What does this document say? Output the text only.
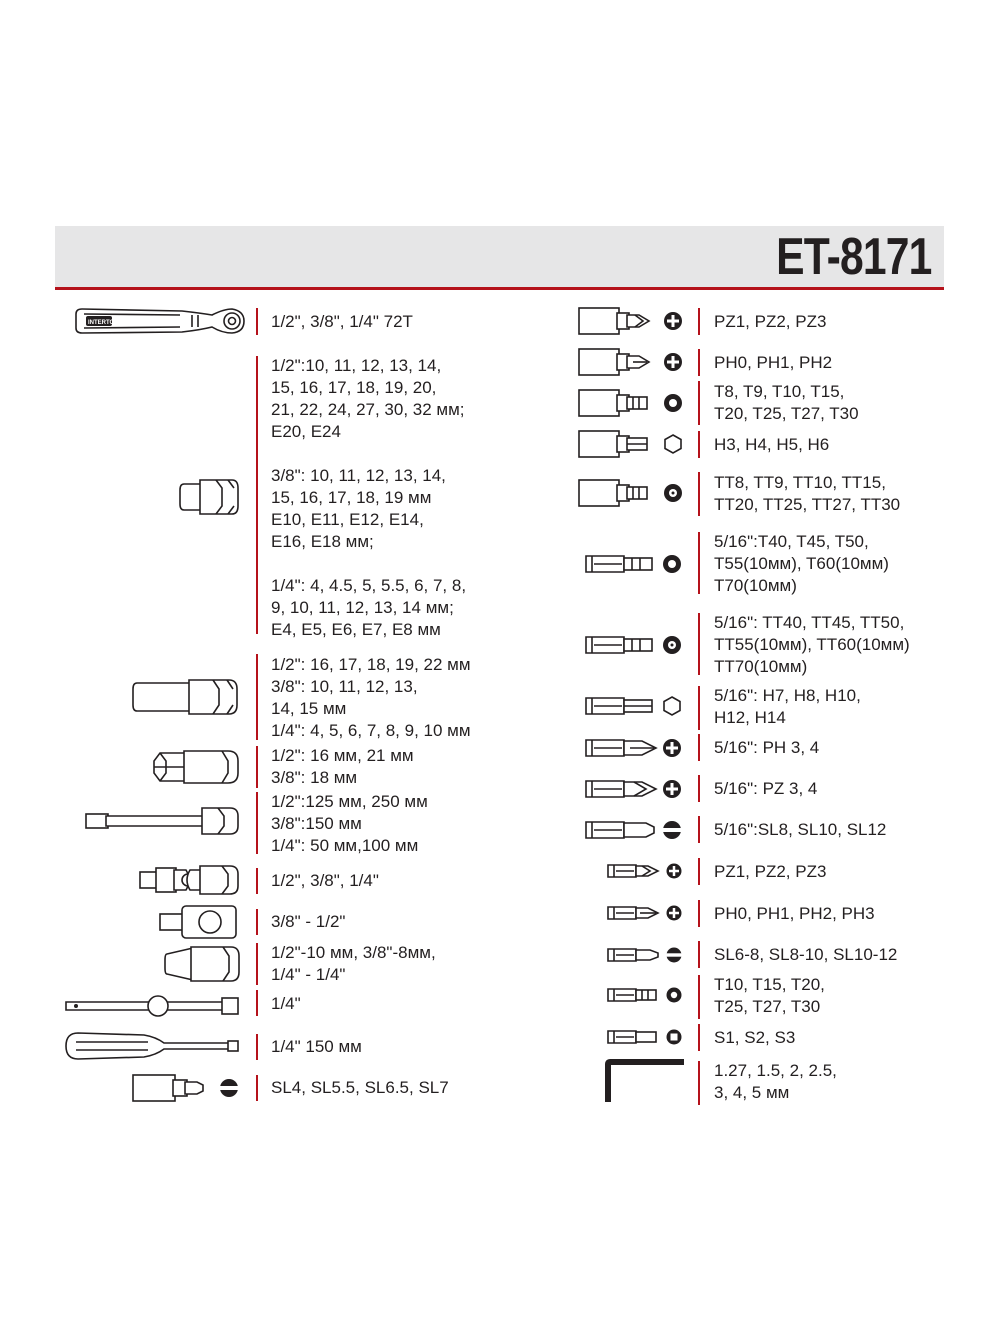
ET-8171
INTERTOOL	1/2", 3/8", 1/4" 72T
1/2":10, 11, 12, 13, 14,
15, 16, 17, 18, 19, 20,
21, 22, 24, 27, 30, 32 мм;
E20, E24

3/8": 10, 11, 12, 13, 14,
15, 16, 17, 18, 19 мм
E10, E11, E12, E14,
E16, E18 мм;

1/4": 4, 4.5, 5, 5.5, 6, 7, 8,
9, 10, 11, 12, 13, 14 мм;
E4, E5, E6, E7, E8 мм
1/2": 16, 17, 18, 19, 22 мм
3/8": 10, 11, 12, 13,
14, 15 мм
1/4": 4, 5, 6, 7, 8, 9, 10 мм
1/2": 16 мм, 21 мм
3/8": 18 мм
1/2":125 мм, 250 мм
3/8":150 мм
1/4": 50 мм,100 мм
1/2", 3/8", 1/4"
3/8" - 1/2"
1/2"-10 мм, 3/8"-8мм,
1/4" - 1/4"
1/4"
1/4" 150 мм
SL4, SL5.5, SL6.5, SL7
PZ1, PZ2, PZ3
PH0, PH1, PH2
T8, T9, T10, T15,
T20, T25, T27, T30
H3, H4, H5, H6
TT8, TT9, TT10, TT15,
TT20, TT25, TT27, TT30
5/16":T40, T45, T50,
T55(10мм), T60(10мм)
T70(10мм)
5/16": TT40, TT45, TT50,
TT55(10мм), TT60(10мм)
TT70(10мм)
5/16": H7, H8, H10,
H12, H14
5/16": PH 3, 4
5/16": PZ 3, 4
5/16":SL8, SL10, SL12
PZ1, PZ2, PZ3
PH0, PH1, PH2, PH3
SL6-8, SL8-10, SL10-12
T10, T15, T20,
T25, T27, T30
S1, S2, S3
1.27, 1.5, 2, 2.5,
3, 4, 5 мм
